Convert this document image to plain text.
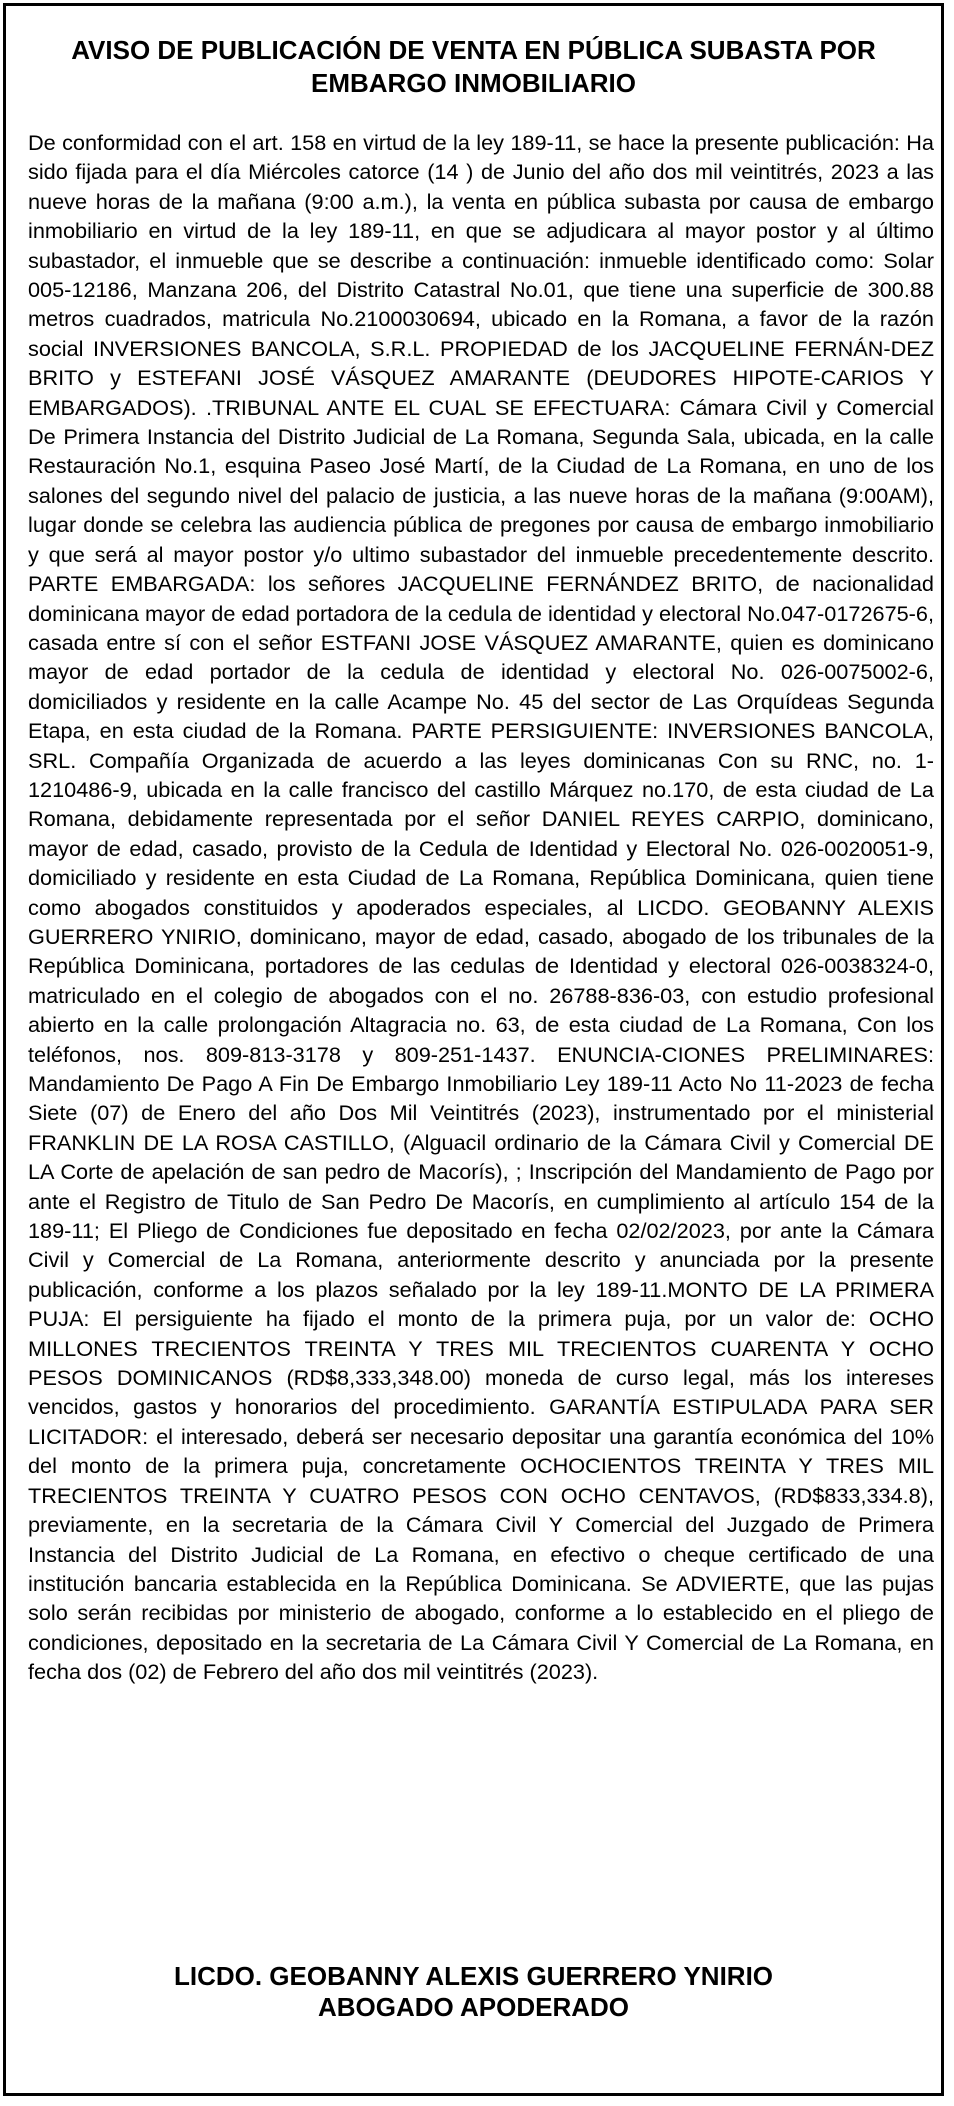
AVISO DE PUBLICACIÓN DE VENTA EN PÚBLICA SUBASTA POR
EMBARGO INMOBILIARIO

De conformidad con el art. 158 en virtud de la ley 189-11, se hace la presente publicación: Ha sido fijada para el día Miércoles catorce (14 ) de Junio del año dos mil veintitrés, 2023 a las nueve horas de la mañana (9:00 a.m.), la venta en pública subasta por causa de embargo inmobiliario en virtud de la ley 189-11, en que se adjudicara al mayor postor y al último subastador, el inmueble que se describe a continuación: inmueble identificado como: Solar 005-12186, Manzana 206, del Distrito Catastral No.01, que tiene una superficie de 300.88 metros cuadrados, matricula No.2100030694, ubicado en la Romana, a favor de la razón social INVERSIONES BANCOLA, S.R.L. PROPIEDAD de los JACQUELINE FERNÁN-DEZ BRITO y ESTEFANI JOSÉ VÁSQUEZ AMARANTE (DEUDORES HIPOTE-CARIOS Y EMBARGADOS). .TRIBUNAL ANTE EL CUAL SE EFECTUARA: Cámara Civil y Comercial De Primera Instancia del Distrito Judicial de La Romana, Segunda Sala, ubicada, en la calle Restauración No.1, esquina Paseo José Martí, de la Ciudad de La Romana, en uno de los salones del segundo nivel del palacio de justicia, a las nueve horas de la mañana (9:00AM), lugar donde se celebra las audiencia pública de pregones por causa de embargo inmobiliario y que será al mayor postor y/o ultimo subastador del inmueble precedentemente descrito. PARTE EMBARGADA: los señores JACQUELINE FERNÁNDEZ BRITO, de nacionalidad dominicana mayor de edad portadora de la cedula de identidad y electoral No.047-0172675-6, casada entre sí con el señor ESTFANI JOSE VÁSQUEZ AMARANTE, quien es dominicano mayor de edad portador de la cedula de identidad y electoral No. 026-0075002-6, domiciliados y residente en la calle Acampe No. 45 del sector de Las Orquídeas Segunda Etapa, en esta ciudad de la Romana. PARTE PERSIGUIENTE: INVERSIONES BANCOLA, SRL. Compañía Organizada de acuerdo a las leyes dominicanas Con su RNC, no. 1-1210486-9, ubicada en la calle francisco del castillo Márquez no.170, de esta ciudad de La Romana, debidamente representada por el señor DANIEL REYES CARPIO, dominicano, mayor de edad, casado, provisto de la Cedula de Identidad y Electoral No. 026-0020051-9, domiciliado y residente en esta Ciudad de La Romana, República Dominicana, quien tiene como abogados constituidos y apoderados especiales, al LICDO. GEOBANNY ALEXIS GUERRERO YNIRIO, dominicano, mayor de edad, casado, abogado de los tribunales de la República Dominicana, portadores de las cedulas de Identidad y electoral 026-0038324-0, matriculado en el colegio de abogados con el no. 26788-836-03, con estudio profesional abierto en la calle prolongación Altagracia no. 63, de esta ciudad de La Romana, Con los teléfonos, nos. 809-813-3178 y 809-251-1437. ENUNCIA-CIONES PRELIMINARES: Mandamiento De Pago A Fin De Embargo Inmobiliario Ley 189-11 Acto No 11-2023 de fecha Siete (07) de Enero del año Dos Mil Veintitrés (2023), instrumentado por el ministerial FRANKLIN DE LA ROSA CASTILLO, (Alguacil ordinario de la Cámara Civil y Comercial DE LA Corte de apelación de san pedro de Macorís), ; Inscripción del Mandamiento de Pago por ante el Registro de Titulo de San Pedro De Macorís, en cumplimiento al artículo 154 de la 189-11; El Pliego de Condiciones fue depositado en fecha 02/02/2023, por ante la Cámara Civil y Comercial de La Romana, anteriormente descrito y anunciada por la presente publicación, conforme a los plazos señalado por la ley 189-11.MONTO DE LA PRIMERA PUJA: El persiguiente ha fijado el monto de la primera puja, por un valor de: OCHO MILLONES TRECIENTOS TREINTA Y TRES MIL TRECIENTOS CUARENTA Y OCHO PESOS DOMINICANOS (RD$8,333,348.00) moneda de curso legal, más los intereses vencidos, gastos y honorarios del procedimiento. GARANTÍA ESTIPULADA PARA SER LICITADOR: el interesado, deberá ser necesario depositar una garantía económica del 10% del monto de la primera puja, concretamente OCHOCIENTOS TREINTA Y TRES MIL TRECIENTOS TREINTA Y CUATRO PESOS CON OCHO CENTAVOS, (RD$833,334.8), previamente, en la secretaria de la Cámara Civil Y Comercial del Juzgado de Primera Instancia del Distrito Judicial de La Romana, en efectivo o cheque certificado de una institución bancaria establecida en la República Dominicana. Se ADVIERTE, que las pujas solo serán recibidas por ministerio de abogado, conforme a lo establecido en el pliego de condiciones, depositado en la secretaria de La Cámara Civil Y Comercial de La Romana, en fecha dos (02) de Febrero del año dos mil veintitrés (2023).

LICDO. GEOBANNY ALEXIS GUERRERO YNIRIO
ABOGADO APODERADO
